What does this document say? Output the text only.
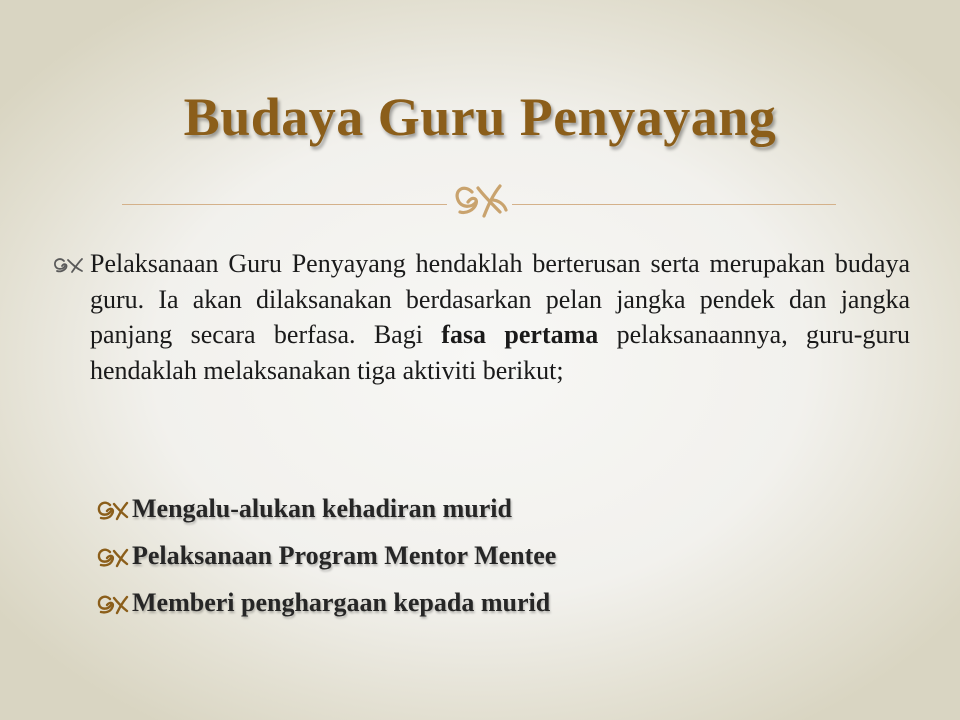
Budaya Guru Penyayang

Pelaksanaan Guru Penyayang hendaklah berterusan serta merupakan budaya guru. Ia akan dilaksanakan berdasarkan pelan jangka pendek dan jangka panjang secara berfasa. Bagi fasa pertama pelaksanaannya, guru-guru hendaklah melaksanakan tiga aktiviti berikut;

Mengalu-alukan kehadiran murid
Pelaksanaan Program Mentor Mentee
Memberi penghargaan kepada murid
